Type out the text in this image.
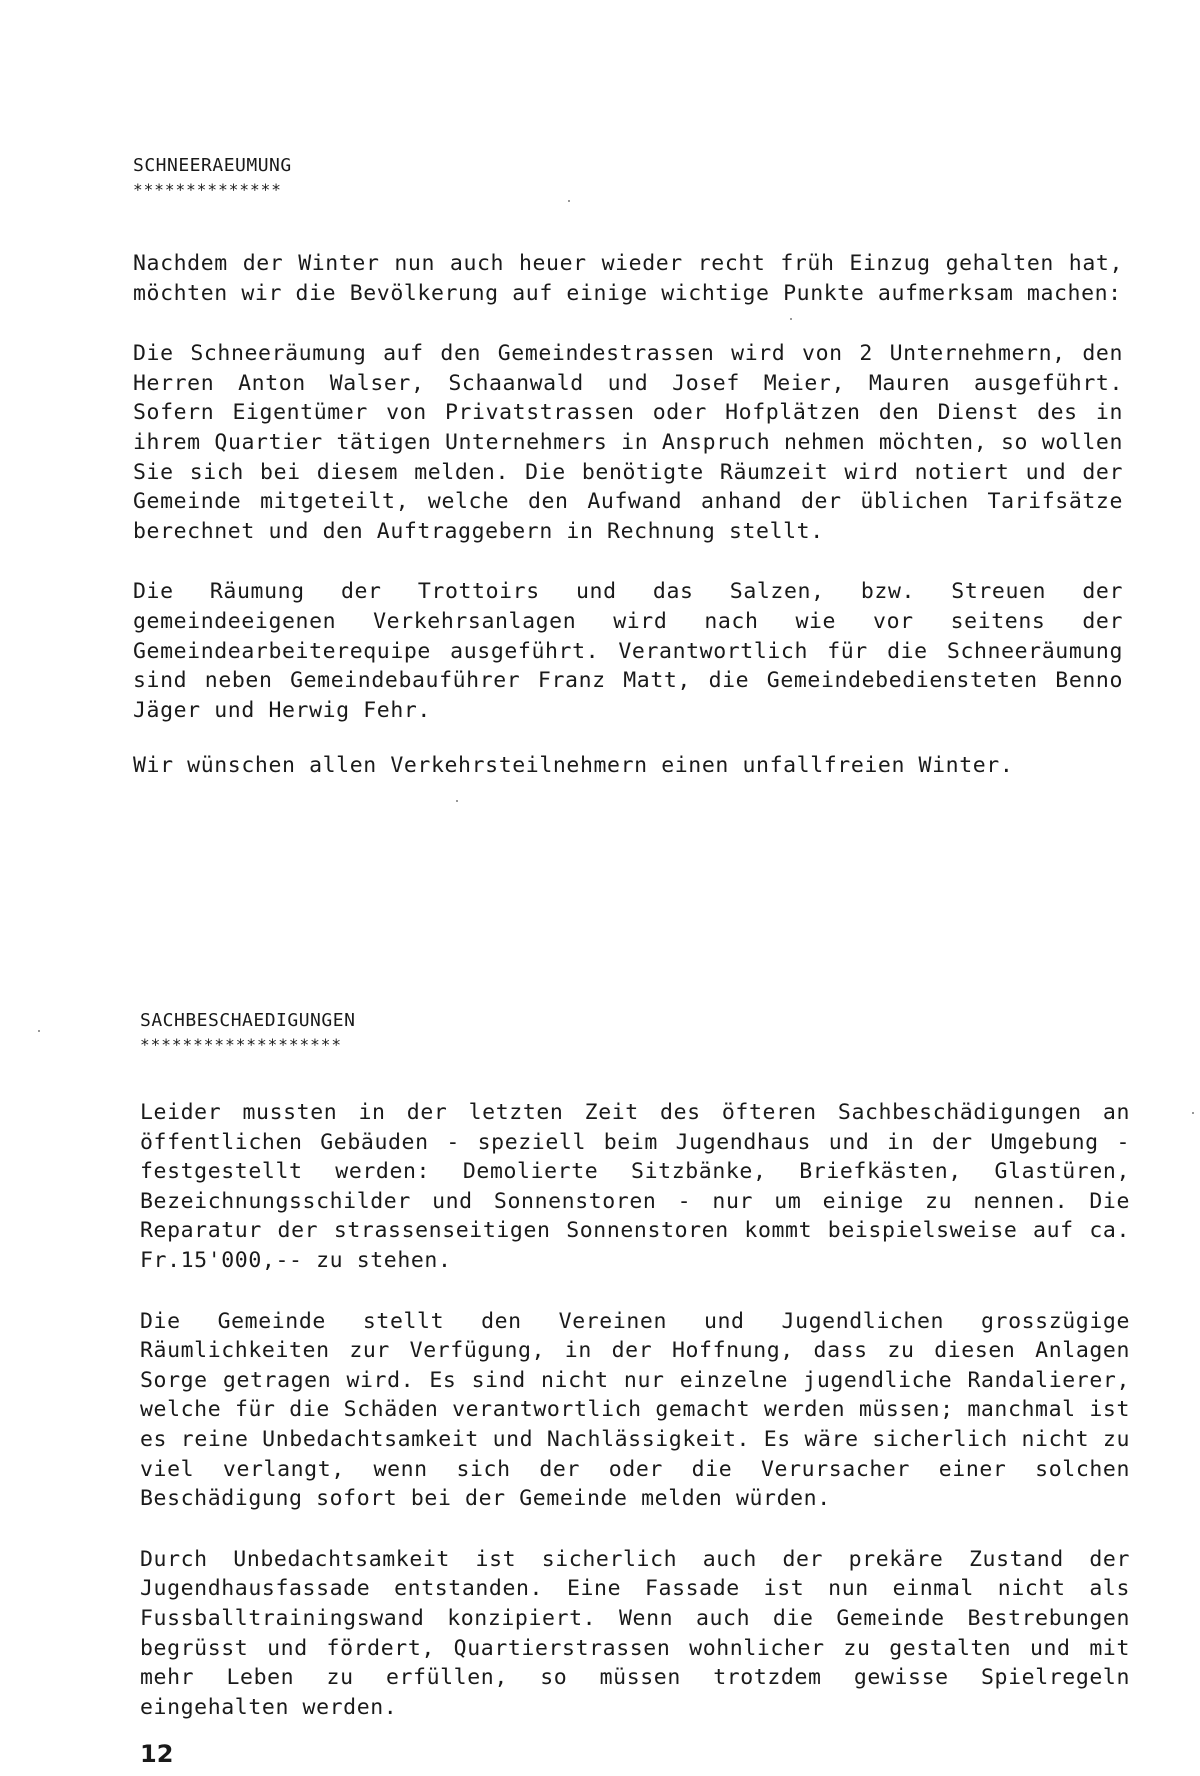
SCHNEERAEUMUNG

**************

Nachdem der Winter nun auch heuer wieder recht früh Einzug gehalten hat, möchten wir die Bevölkerung auf einige wichtige Punkte aufmerksam machen:

Die Schneeräumung auf den Gemeindestrassen wird von 2 Unternehmern, den Herren Anton Walser, Schaanwald und Josef Meier, Mauren ausgeführt. Sofern Eigentümer von Privatstrassen oder Hofplätzen den Dienst des in ihrem Quartier tätigen Unternehmers in Anspruch nehmen möchten, so wollen Sie sich bei diesem melden. Die benötigte Räumzeit wird notiert und der Gemeinde mitgeteilt, welche den Aufwand anhand der üblichen Tarifsätze berechnet und den Auftraggebern in Rechnung stellt.

Die Räumung der Trottoirs und das Salzen, bzw. Streuen der gemeindeeigenen Verkehrsanlagen wird nach wie vor seitens der Gemeindearbeiterequipe ausgeführt. Verantwortlich für die Schneeräumung sind neben Gemeindebauführer Franz Matt, die Gemeindebediensteten Benno Jäger und Herwig Fehr.

Wir wünschen allen Verkehrsteilnehmern einen unfallfreien Winter.

SACHBESCHAEDIGUNGEN

*******************

Leider mussten in der letzten Zeit des öfteren Sachbeschädigungen an öffentlichen Gebäuden - speziell beim Jugendhaus und in der Umgebung - festgestellt werden: Demolierte Sitzbänke, Briefkästen, Glastüren, Bezeichnungsschilder und Sonnenstoren - nur um einige zu nennen. Die Reparatur der strassenseitigen Sonnenstoren kommt beispielsweise auf ca. Fr.15'000,-- zu stehen.

Die Gemeinde stellt den Vereinen und Jugendlichen grosszügige Räumlichkeiten zur Verfügung, in der Hoffnung, dass zu diesen Anlagen Sorge getragen wird. Es sind nicht nur einzelne jugendliche Randalierer, welche für die Schäden verantwortlich gemacht werden müssen; manchmal ist es reine Unbedachtsamkeit und Nachlässigkeit. Es wäre sicherlich nicht zu viel verlangt, wenn sich der oder die Verursacher einer solchen Beschädigung sofort bei der Gemeinde melden würden.

Durch Unbedachtsamkeit ist sicherlich auch der prekäre Zustand der Jugendhausfassade entstanden. Eine Fassade ist nun einmal nicht als Fussballtrainingswand konzipiert. Wenn auch die Gemeinde Bestrebungen begrüsst und fördert, Quartierstrassen wohnlicher zu gestalten und mit mehr Leben zu erfüllen, so müssen trotzdem gewisse Spielregeln eingehalten werden.

12
